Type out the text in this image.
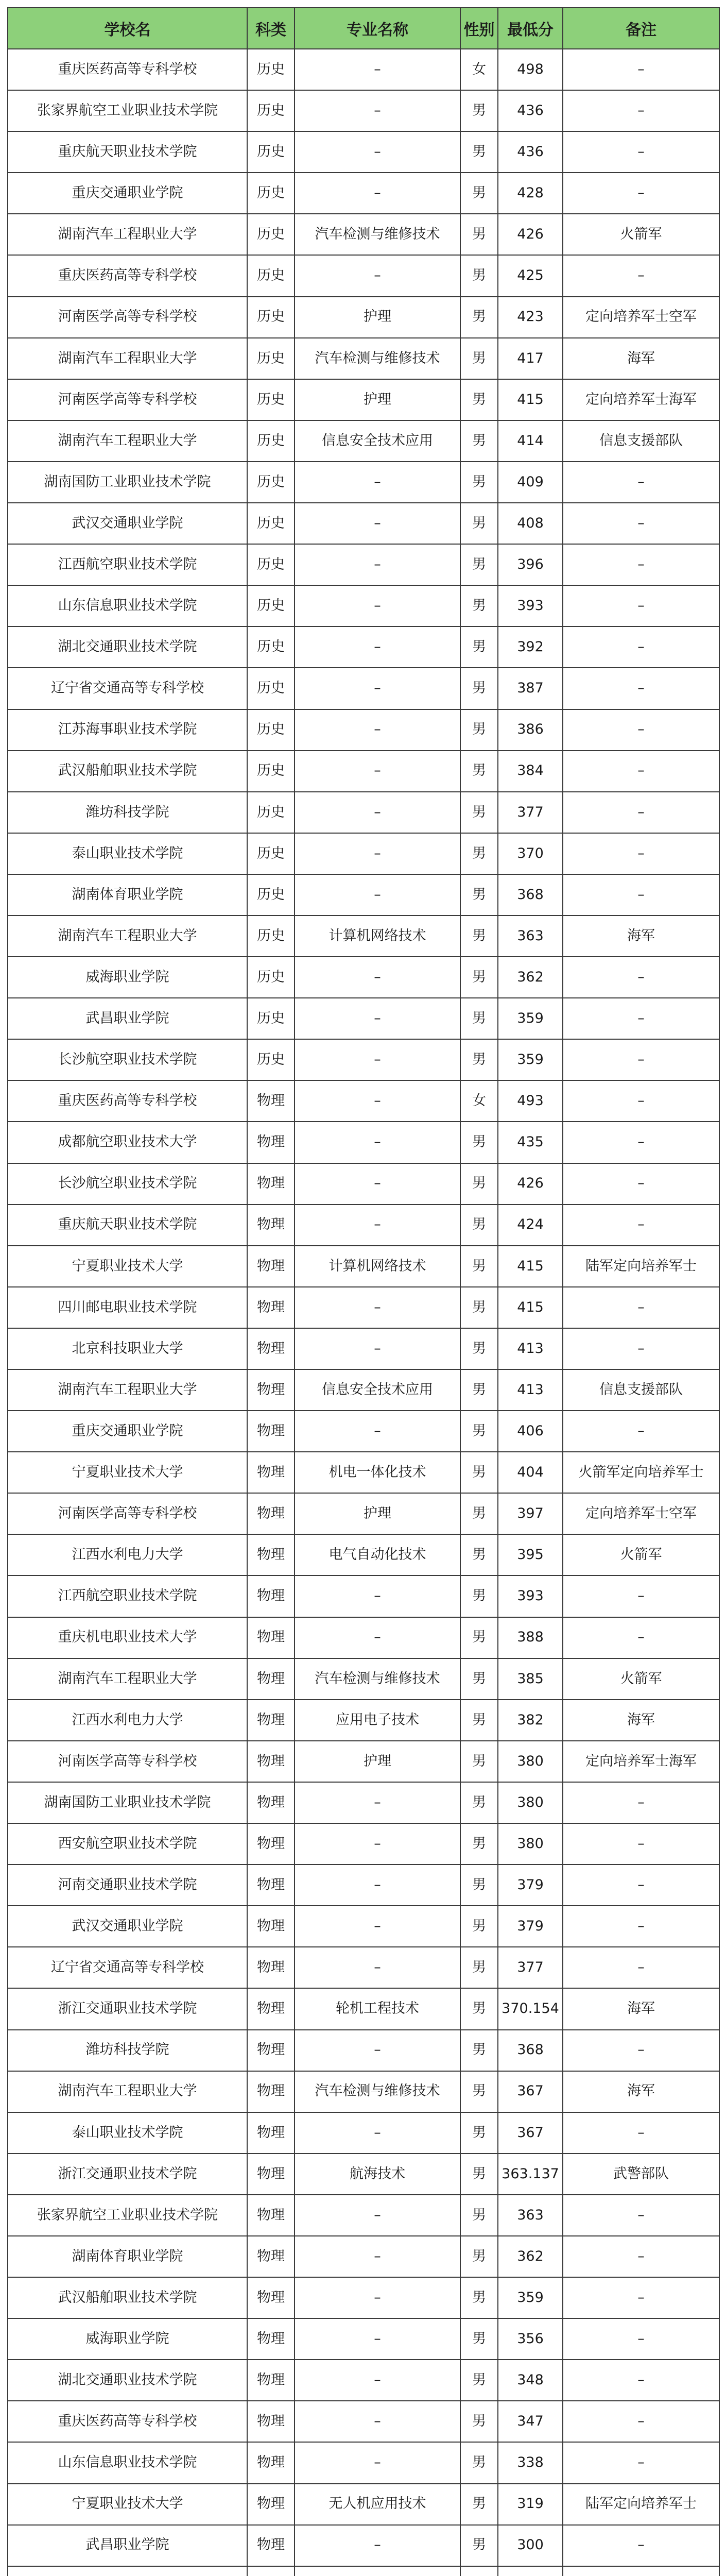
学校名	科类	专业名称	性别	最低分	备注
重庆医药高等专科学校	历史	–	女	498	–
张家界航空工业职业技术学院	历史	–	男	436	–
重庆航天职业技术学院	历史	–	男	436	–
重庆交通职业学院	历史	–	男	428	–
湖南汽车工程职业大学	历史	汽车检测与维修技术	男	426	火箭军
重庆医药高等专科学校	历史	–	男	425	–
河南医学高等专科学校	历史	护理	男	423	定向培养军士空军
湖南汽车工程职业大学	历史	汽车检测与维修技术	男	417	海军
河南医学高等专科学校	历史	护理	男	415	定向培养军士海军
湖南汽车工程职业大学	历史	信息安全技术应用	男	414	信息支援部队
湖南国防工业职业技术学院	历史	–	男	409	–
武汉交通职业学院	历史	–	男	408	–
江西航空职业技术学院	历史	–	男	396	–
山东信息职业技术学院	历史	–	男	393	–
湖北交通职业技术学院	历史	–	男	392	–
辽宁省交通高等专科学校	历史	–	男	387	–
江苏海事职业技术学院	历史	–	男	386	–
武汉船舶职业技术学院	历史	–	男	384	–
潍坊科技学院	历史	–	男	377	–
泰山职业技术学院	历史	–	男	370	–
湖南体育职业学院	历史	–	男	368	–
湖南汽车工程职业大学	历史	计算机网络技术	男	363	海军
威海职业学院	历史	–	男	362	–
武昌职业学院	历史	–	男	359	–
长沙航空职业技术学院	历史	–	男	359	–
重庆医药高等专科学校	物理	–	女	493	–
成都航空职业技术大学	物理	–	男	435	–
长沙航空职业技术学院	物理	–	男	426	–
重庆航天职业技术学院	物理	–	男	424	–
宁夏职业技术大学	物理	计算机网络技术	男	415	陆军定向培养军士
四川邮电职业技术学院	物理	–	男	415	–
北京科技职业大学	物理	–	男	413	–
湖南汽车工程职业大学	物理	信息安全技术应用	男	413	信息支援部队
重庆交通职业学院	物理	–	男	406	–
宁夏职业技术大学	物理	机电一体化技术	男	404	火箭军定向培养军士
河南医学高等专科学校	物理	护理	男	397	定向培养军士空军
江西水利电力大学	物理	电气自动化技术	男	395	火箭军
江西航空职业技术学院	物理	–	男	393	–
重庆机电职业技术大学	物理	–	男	388	–
湖南汽车工程职业大学	物理	汽车检测与维修技术	男	385	火箭军
江西水利电力大学	物理	应用电子技术	男	382	海军
河南医学高等专科学校	物理	护理	男	380	定向培养军士海军
湖南国防工业职业技术学院	物理	–	男	380	–
西安航空职业技术学院	物理	–	男	380	–
河南交通职业技术学院	物理	–	男	379	–
武汉交通职业学院	物理	–	男	379	–
辽宁省交通高等专科学校	物理	–	男	377	–
浙江交通职业技术学院	物理	轮机工程技术	男	370.154	海军
潍坊科技学院	物理	–	男	368	–
湖南汽车工程职业大学	物理	汽车检测与维修技术	男	367	海军
泰山职业技术学院	物理	–	男	367	–
浙江交通职业技术学院	物理	航海技术	男	363.137	武警部队
张家界航空工业职业技术学院	物理	–	男	363	–
湖南体育职业学院	物理	–	男	362	–
武汉船舶职业技术学院	物理	–	男	359	–
威海职业学院	物理	–	男	356	–
湖北交通职业技术学院	物理	–	男	348	–
重庆医药高等专科学校	物理	–	男	347	–
山东信息职业技术学院	物理	–	男	338	–
宁夏职业技术大学	物理	无人机应用技术	男	319	陆军定向培养军士
武昌职业学院	物理	–	男	300	–
